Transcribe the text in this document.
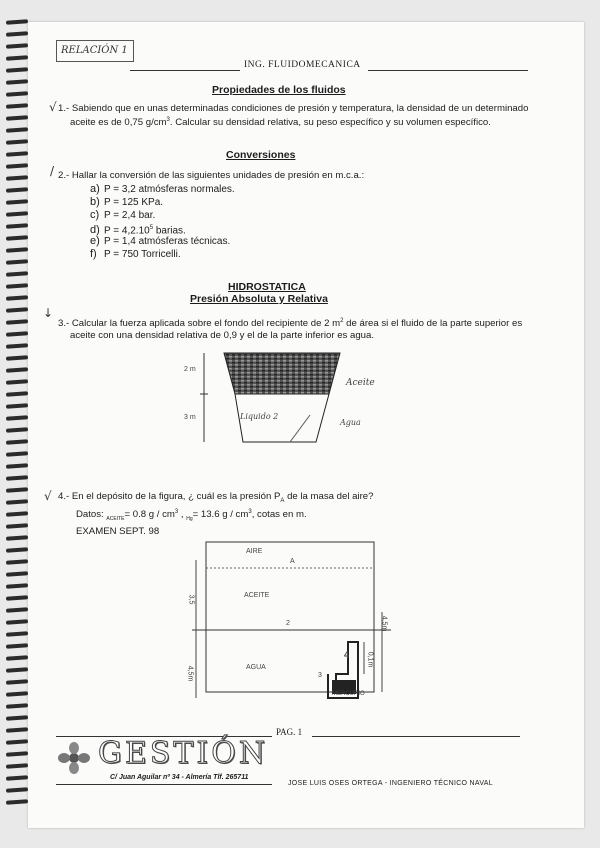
RELACIÓN 1
ING. FLUIDOMECANICA
Propiedades de los fluidos
√ 1.- Sabiendo que en unas determinadas condiciones de presión y temperatura, la densidad de un determinado
aceite es de 0,75 $g/cm^3$. Calcular su densidad relativa, su peso específico y su volumen específico.
Conversiones
/ 2.- Hallar la conversión de las siguientes unidades de presión en m.c.a.:
a) P = 3,2 atmósferas normales.
b) P = 125 KPa.
c) P = 2,4 bar.
d) $P = 4,2.10^5$ barias.
e) P = 1,4 atmósferas técnicas.
f) P = 750 Torricelli.
HIDROSTATICA
Presión Absoluta y Relativa
↓
3.- Calcular la fuerza aplicada sobre el fondo del recipiente de 2 $m^2$ de área si el fluido de la parte superior es
aceite con una densidad relativa de 0,9 y el de la parte inferior es agua.
2 m
3 m
Aceite
Liquido 2
Agua
√ 4.- En el depósito de la figura, ¿ cuál es la presión $P_A$ de la masa del aire?
Datos: $_{ACEITE}$= 0.8 g / $cm^3$ , $_{Hg}$= 13.6 g / $cm^3$, cotas en m.
EXAMEN SEPT. 98
AIRE
A
ACEITE
2
AGUA
3
4
MERCURIO
3,5
4,5m
4,5m
0,1m
PAG. 1
GESTIÓN
C/ Juan Aguilar nº 34 - Almería Tlf. 265711
JOSE LUIS OSES ORTEGA - INGENIERO TÉCNICO NAVAL
